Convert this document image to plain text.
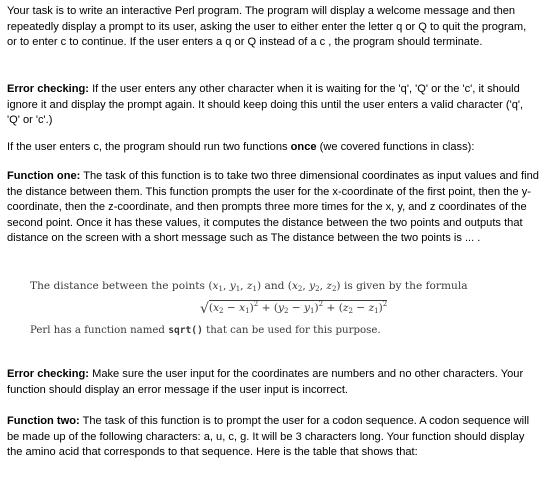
Your task is to write an interactive Perl program. The program will display a welcome message and then repeatedly display a prompt to its user, asking the user to either enter the letter q or Q to quit the program, or to enter c to continue. If the user enters a q or Q instead of a c , the program should terminate.

Error checking: If the user enters any other character when it is waiting for the 'q', 'Q' or the 'c', it should ignore it and display the prompt again. It should keep doing this until the user enters a valid character ('q', 'Q' or 'c'.)

If the user enters c, the program should run two functions once (we covered functions in class):

Function one: The task of this function is to take two three dimensional coordinates as input values and find the distance between them. This function prompts the user for the x-coordinate of the first point, then the y-coordinate, then the z-coordinate, and then prompts three more times for the x, y, and z coordinates of the second point. Once it has these values, it computes the distance between the two points and outputs that distance on the screen with a short message such as The distance between the two points is ... .

The distance between the points ($x_1$, $y_1$, $z_1$) and ($x_2$, $y_2$, $z_2$) is given by the formula
$√(x_2 - x_1)^2 + (y_2 - y_1)^2 + (z_2 - z_1)^2$
Perl has a function named sqrt() that can be used for this purpose.

Error checking: Make sure the user input for the coordinates are numbers and no other characters. Your function should display an error message if the user input is incorrect.

Function two: The task of this function is to prompt the user for a codon sequence. A codon sequence will be made up of the following characters: a, u, c, g. It will be 3 characters long. Your function should display the amino acid that corresponds to that sequence. Here is the table that shows that:
